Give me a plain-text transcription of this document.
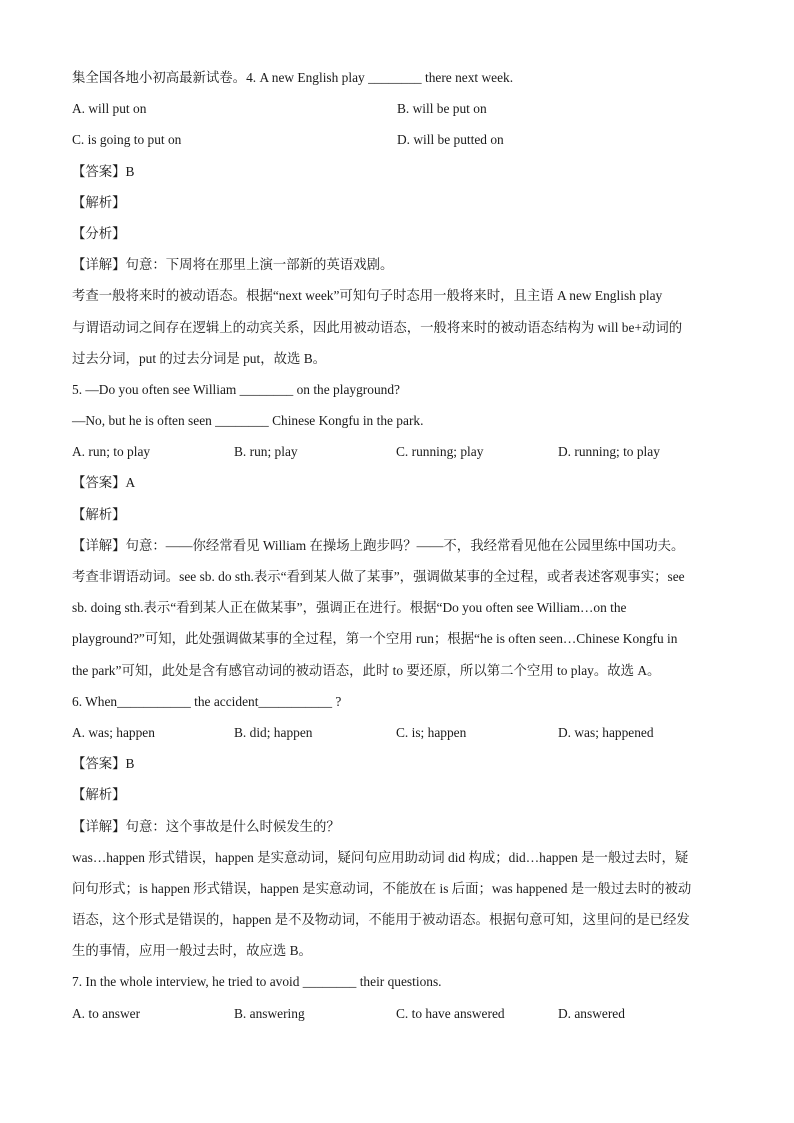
集全国各地小初高最新试卷。4. A new English play ________ there next week.
A. will put on	B. will be put on
C. is going to put on	D. will be putted on
【答案】B
【解析】
【分析】
【详解】句意：下周将在那里上演一部新的英语戏剧。
考查一般将来时的被动语态。根据“next week”可知句子时态用一般将来时，且主语 A new English play
与谓语动词之间存在逻辑上的动宾关系，因此用被动语态，一般将来时的被动语态结构为 will be+动词的
过去分词，put 的过去分词是 put，故选 B。
5. —Do you often see William ________ on the playground?
—No, but he is often seen ________ Chinese Kongfu in the park.
A. run; to play	B. run; play	C. running; play	D. running; to play
【答案】A
【解析】
【详解】句意：——你经常看见 William 在操场上跑步吗？——不，我经常看见他在公园里练中国功夫。
考查非谓语动词。see sb. do sth.表示“看到某人做了某事”，强调做某事的全过程，或者表述客观事实；see
sb. doing sth.表示“看到某人正在做某事”，强调正在进行。根据“Do you often see William…on the
playground?”可知，此处强调做某事的全过程，第一个空用 run；根据“he is often seen…Chinese Kongfu in
the park”可知，此处是含有感官动词的被动语态，此时 to 要还原，所以第二个空用 to play。故选 A。
6. When___________ the accident___________ ?
A. was; happen	B. did; happen	C. is; happen	D. was; happened
【答案】B
【解析】
【详解】句意：这个事故是什么时候发生的？
was…happen 形式错误，happen 是实意动词，疑问句应用助动词 did 构成；did…happen 是一般过去时，疑
问句形式；is happen 形式错误，happen 是实意动词，不能放在 is 后面；was happened 是一般过去时的被动
语态，这个形式是错误的，happen 是不及物动词，不能用于被动语态。根据句意可知，这里问的是已经发
生的事情，应用一般过去时，故应选 B。
7. In the whole interview, he tried to avoid ________ their questions.
A. to answer	B. answering	C. to have answered	D. answered
